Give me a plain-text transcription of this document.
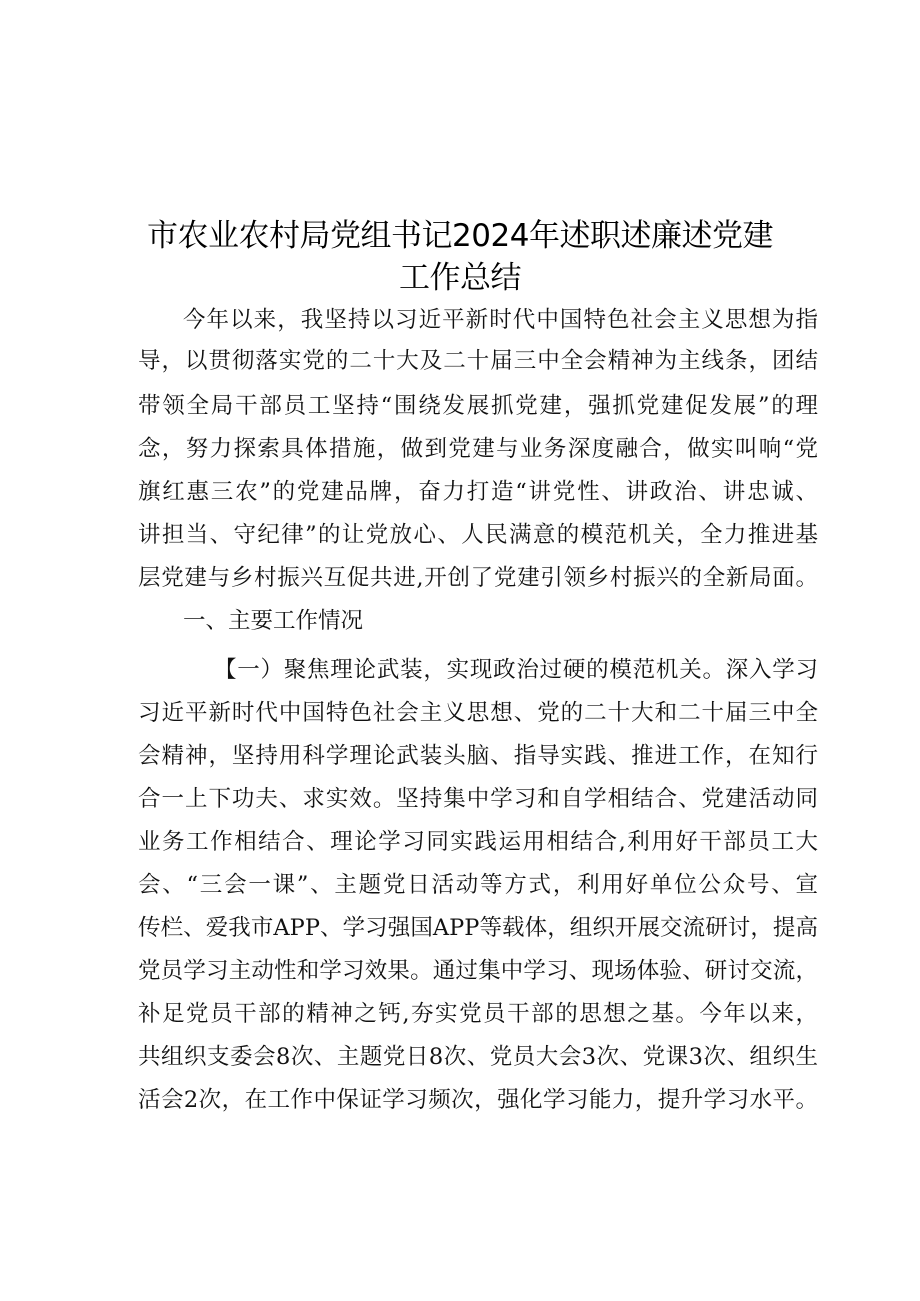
市农业农村局党组书记2024年述职述廉述党建
工作总结

今年以来，我坚持以习近平新时代中国特色社会主义思想为指

导，以贯彻落实党的二十大及二十届三中全会精神为主线条，团结

带领全局干部员工坚持“围绕发展抓党建，强抓党建促发展”的理

念，努力探索具体措施，做到党建与业务深度融合，做实叫响“党

旗红惠三农”的党建品牌，奋力打造“讲党性、讲政治、讲忠诚、

讲担当、守纪律”的让党放心、人民满意的模范机关，全力推进基

层党建与乡村振兴互促共进,开创了党建引领乡村振兴的全新局面。

一、主要工作情况

【一）聚焦理论武装，实现政治过硬的模范机关。深入学习

习近平新时代中国特色社会主义思想、党的二十大和二十届三中全

会精神，坚持用科学理论武装头脑、指导实践、推进工作，在知行

合一上下功夫、求实效。坚持集中学习和自学相结合、党建活动同

业务工作相结合、理论学习同实践运用相结合,利用好干部员工大

会、“三会一课”、主题党日活动等方式，利用好单位公众号、宣

传栏、爱我市APP、学习强国APP等载体，组织开展交流研讨，提高

党员学习主动性和学习效果。通过集中学习、现场体验、研讨交流，

补足党员干部的精神之钙,夯实党员干部的思想之基。今年以来，

共组织支委会8次、主题党日8次、党员大会3次、党课3次、组织生

活会2次，在工作中保证学习频次，强化学习能力，提升学习水平。
